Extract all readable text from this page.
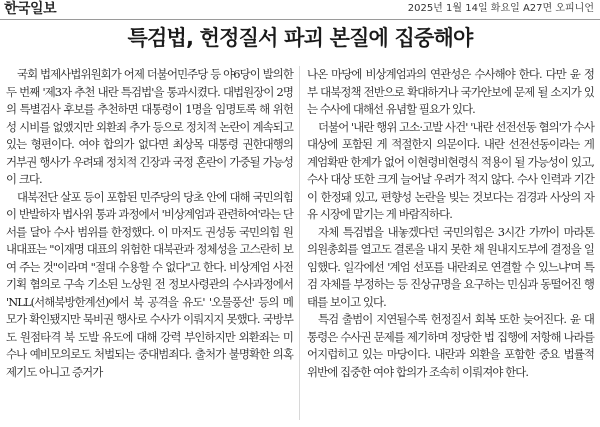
한국일보	2025년 1월 14일 화요일 A27면 오피니언
특검법, 헌정질서 파괴 본질에 집중해야

국회 법제사법위원회가 어제 더불어민주당 등 야6당이 발의한 두 번째 '제3자 추천 내란 특검법'을 통과시켰다. 대법원장이 2명의 특별검사 후보를 추천하면 대통령이 1명을 임명토록 해 위헌성 시비를 없앴지만 외환죄 추가 등으로 정치적 논란이 계속되고 있는 형편이다. 여야 합의가 없다면 최상목 대통령 권한대행의 거부권 행사가 우려돼 정치적 긴장과 국정 혼란이 가중될 가능성이 크다.

대북전단 살포 등이 포함된 민주당의 당초 안에 대해 국민의힘이 반발하자 법사위 통과 과정에서 '비상계엄과 관련하여'라는 단서를 달아 수사 범위를 한정했다. 이 마저도 권성동 국민의힘 원내대표는 "이재명 대표의 위험한 대북관과 정체성을 고스란히 보여 주는 것"이라며 "절대 수용할 수 없다"고 한다. 비상계엄 사전기획 혐의로 구속 기소된 노상원 전 정보사령관의 수사과정에서 'NLL(서해북방한계선)에서 북 공격을 유도' '오물풍선' 등의 메모가 확인됐지만 묵비권 행사로 수사가 이뤄지지 못했다. 국방부도 원점타격 북 도발 유도에 대해 강력 부인하지만 외환죄는 미수나 예비모의로도 처벌되는 중대범죄다. 출처가 불명확한 의혹 제기도 아니고 증거가

나온 마당에 비상계엄과의 연관성은 수사해야 한다. 다만 윤 정부 대북정책 전반으로 확대하거나 국가안보에 문제 될 소지가 있는 수사에 대해선 유념할 필요가 있다.

더불어 '내란 행위 고소·고발 사건' '내란 선전선동 혐의'가 수사 대상에 포함된 게 적절한지 의문이다. 내란 선전선동이라는 게 계엄확판 한계가 없어 이현령비현령식 적용이 될 가능성이 있고, 수사 대상 또한 크게 늘어날 우려가 적지 않다. 수사 인력과 기간이 한정돼 있고, 편향성 논란을 빚는 것보다는 검경과 사상의 자유 시장에 맡기는 게 바람직하다.

자체 특검법을 내놓겠다던 국민의힘은 3시간 가까이 마라톤 의원총회를 열고도 결론을 내지 못한 채 원내지도부에 결정을 일임했다. 일각에선 '계엄 선포를 내란죄로 연결할 수 있느냐'며 특검 자체를 부정하는 등 진상규명을 요구하는 민심과 동떨어진 행태를 보이고 있다.

특검 출범이 지연될수록 헌정질서 회복 또한 늦어진다. 윤 대통령은 수사권 문제를 제기하며 정당한 법 집행에 저항해 나라를 어지럽히고 있는 마당이다. 내란과 외환을 포함한 중요 법률적 위반에 집중한 여야 합의가 조속히 이뤄져야 한다.
